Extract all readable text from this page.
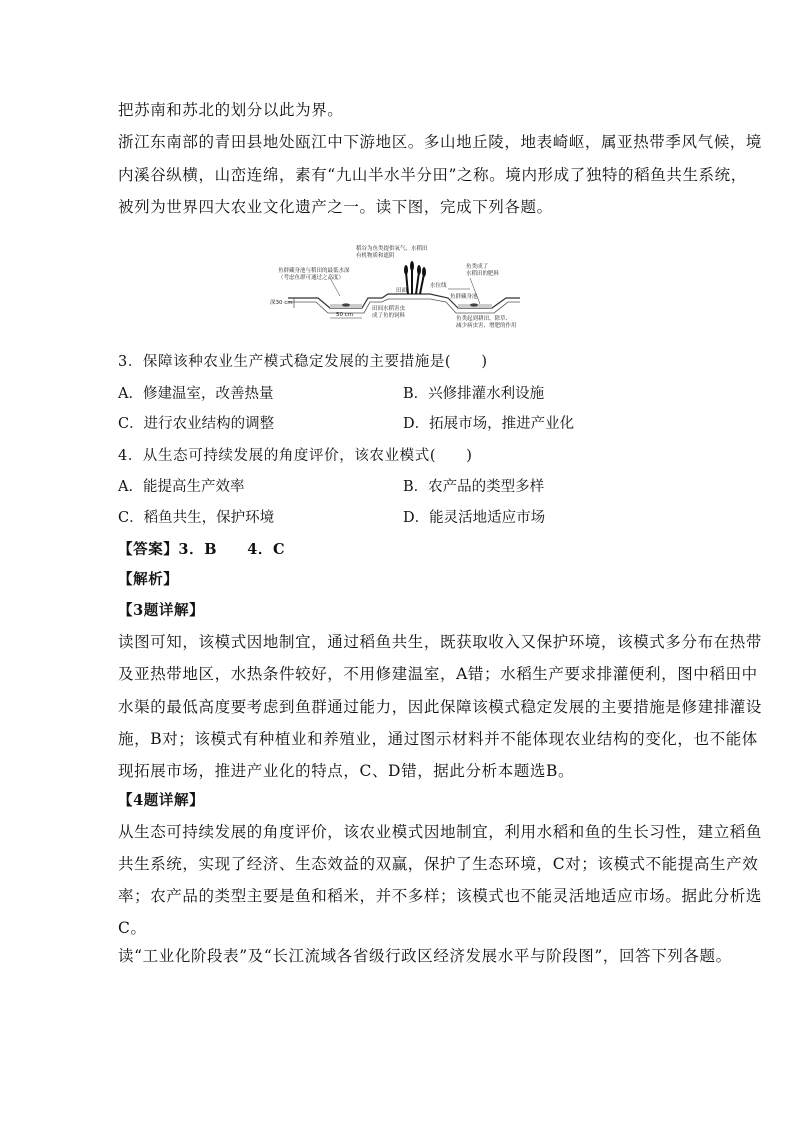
把苏南和苏北的划分以此为界。
浙江东南部的青田县地处瓯江中下游地区。多山地丘陵，地表崎岖，属亚热带季风气候，境
内溪谷纵横，山峦连绵，素有“九山半水半分田”之称。境内形成了独特的稻鱼共生系统，
被列为世界四大农业文化遗产之一。读下图，完成下列各题。
稻谷为鱼类提供氧气、水稻田
有机物质和遮阴
鱼群藏身池与稻田的最低水深
（考虑鱼群可通过之高度）
鱼类成了
水稻田的肥料
水位线
田面
鱼群藏身池
深30 cm
50 cm
田间水稻害虫
成了鱼的饲料	鱼类起到耕田、除草、
减少病虫害、增肥的作用
3．保障该种农业生产模式稳定发展的主要措施是(　　)
A．修建温室，改善热量	B．兴修排灌水利设施
C．进行农业结构的调整	D．拓展市场，推进产业化
4．从生态可持续发展的角度评价，该农业模式(　　)
A．能提高生产效率	B．农产品的类型多样
C．稻鱼共生，保护环境	D．能灵活地适应市场
【答案】3．B　　4．C
【解析】
【3题详解】
读图可知，该模式因地制宜，通过稻鱼共生，既获取收入又保护环境，该模式多分布在热带
及亚热带地区，水热条件较好，不用修建温室，A错；水稻生产要求排灌便利，图中稻田中
水渠的最低高度要考虑到鱼群通过能力，因此保障该模式稳定发展的主要措施是修建排灌设
施，B对；该模式有种植业和养殖业，通过图示材料并不能体现农业结构的变化，也不能体
现拓展市场，推进产业化的特点，C、D错，据此分析本题选B。
【4题详解】
从生态可持续发展的角度评价，该农业模式因地制宜，利用水稻和鱼的生长习性，建立稻鱼
共生系统，实现了经济、生态效益的双赢，保护了生态环境，C对；该模式不能提高生产效
率；农产品的类型主要是鱼和稻米，并不多样；该模式也不能灵活地适应市场。据此分析选
C。
读“工业化阶段表”及“长江流域各省级行政区经济发展水平与阶段图”，回答下列各题。
